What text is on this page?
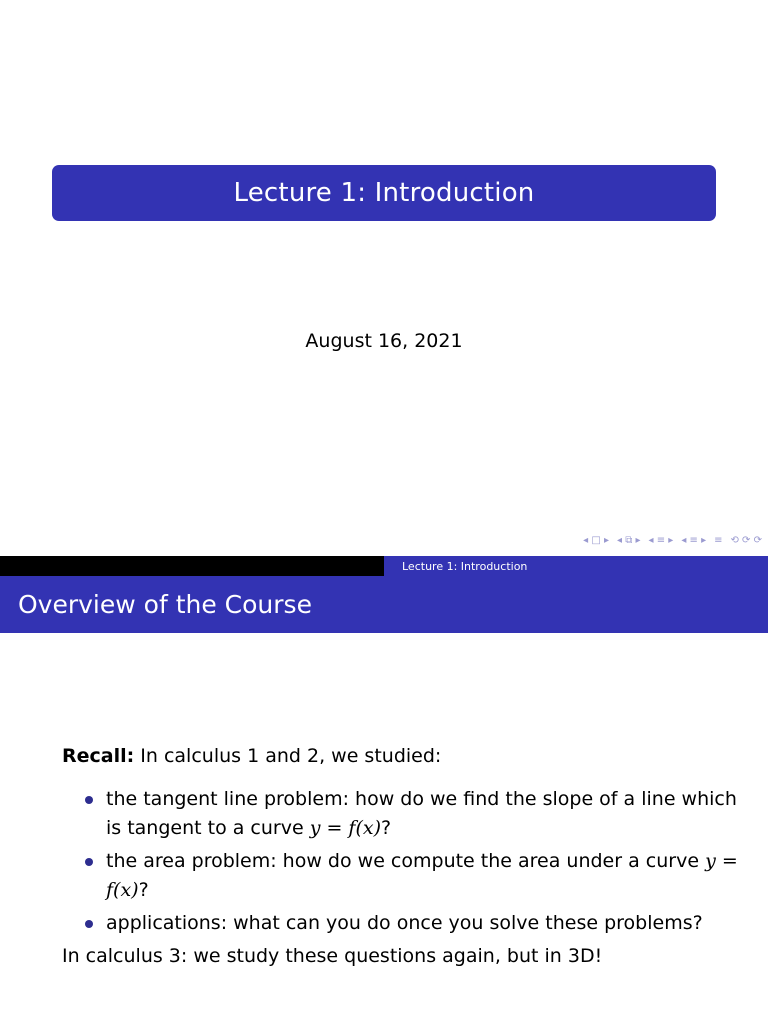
Lecture 1: Introduction
August 16, 2021
◂ □ ▸ ◂ ⧉ ▸ ◂ ≡ ▸ ◂ ≡ ▸ ≡ ⟲ ⟳ ⟳
Lecture 1: Introduction
Overview of the Course
Recall: In calculus 1 and 2, we studied:
the tangent line problem: how do we find the slope of a line which is tangent to a curve y = f(x)?
the area problem: how do we compute the area under a curve y = f(x)?
applications: what can you do once you solve these problems?
In calculus 3: we study these questions again, but in 3D!
